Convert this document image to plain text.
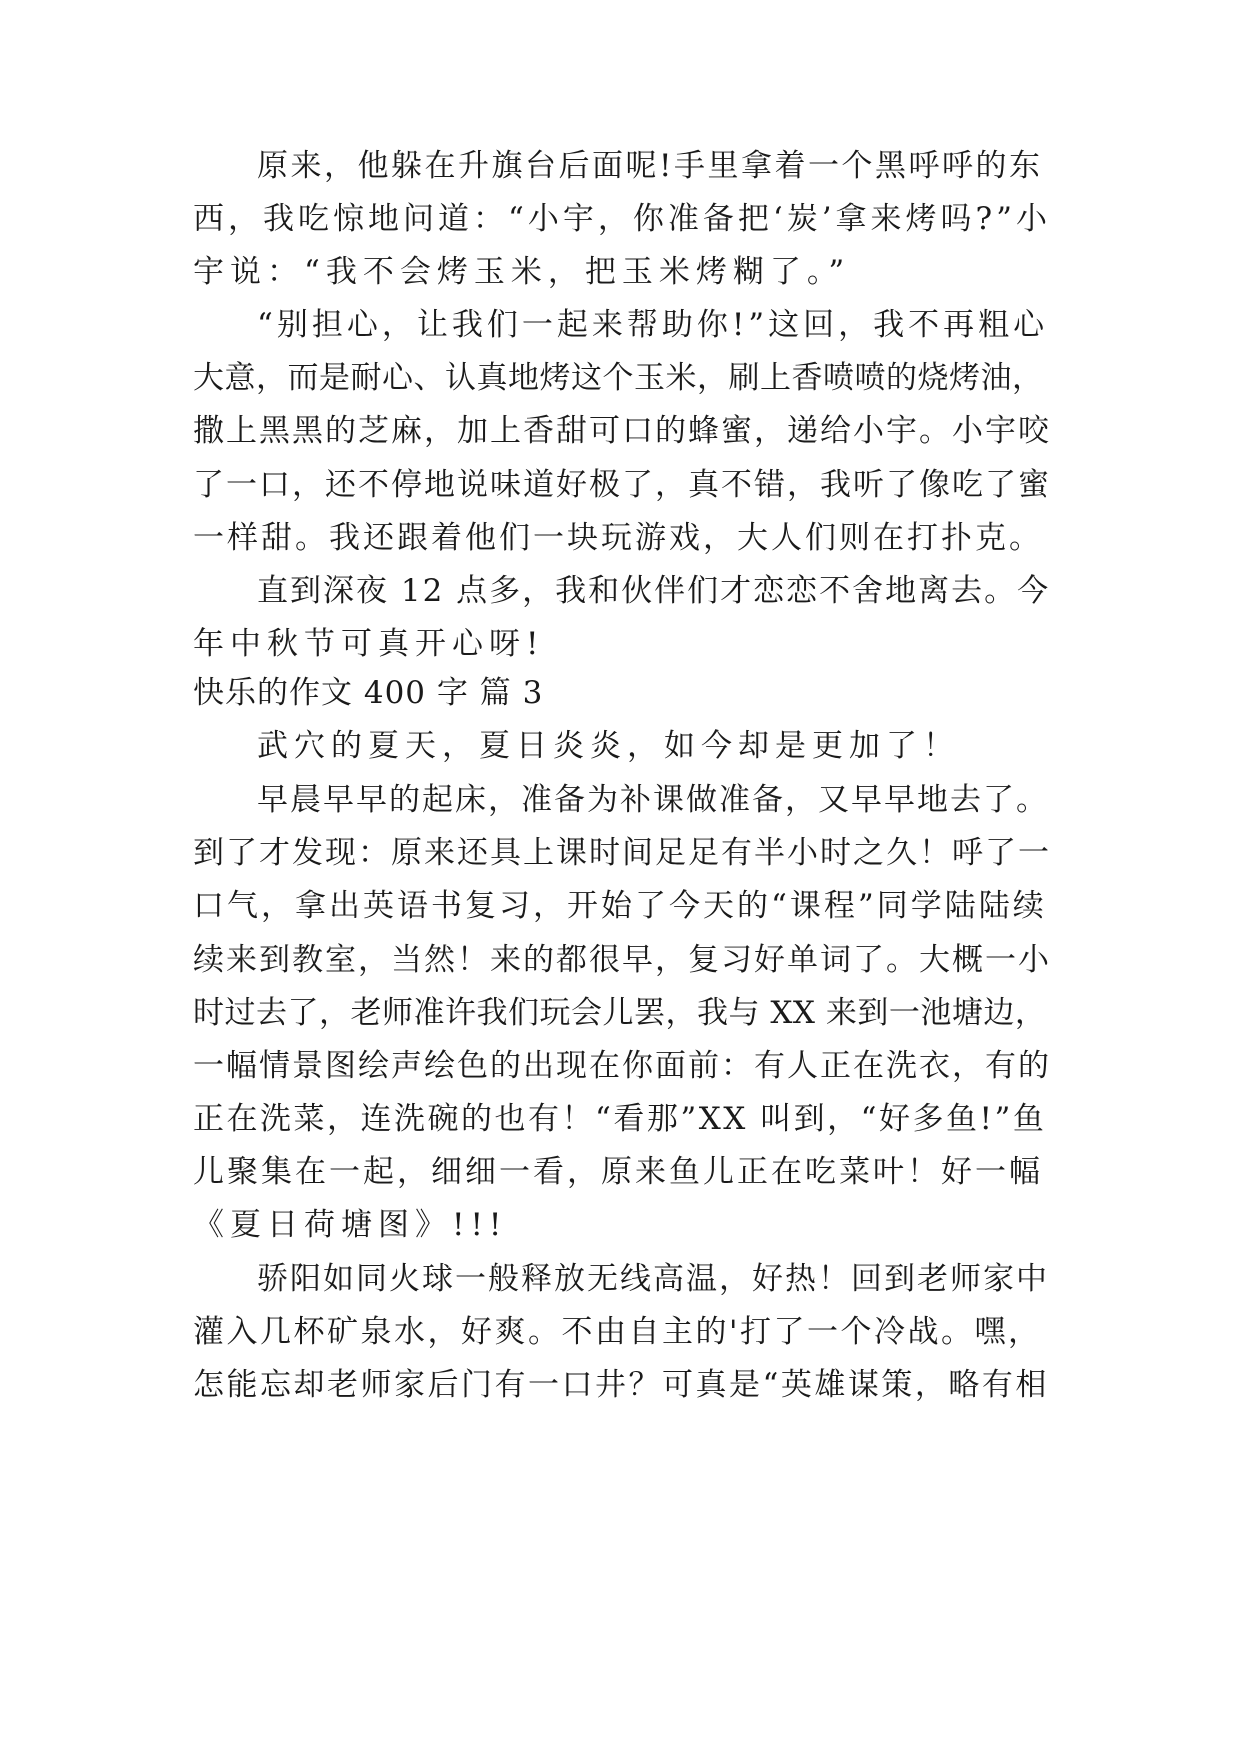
原来，他躲在升旗台后面呢!手里拿着一个黑呼呼的东
西，我吃惊地问道：“小宇，你准备把‘炭’拿来烤吗?”小
宇说：“我不会烤玉米，把玉米烤糊了。”
“别担心，让我们一起来帮助你!”这回，我不再粗心
大意，而是耐心、认真地烤这个玉米，刷上香喷喷的烧烤油，
撒上黑黑的芝麻，加上香甜可口的蜂蜜，递给小宇。小宇咬
了一口，还不停地说味道好极了，真不错，我听了像吃了蜜
一样甜。我还跟着他们一块玩游戏，大人们则在打扑克。
直到深夜 12 点多，我和伙伴们才恋恋不舍地离去。今
年中秋节可真开心呀!
快乐的作文 400 字 篇 3
武穴的夏天，夏日炎炎，如今却是更加了！
早晨早早的起床，准备为补课做准备，又早早地去了。
到了才发现：原来还具上课时间足足有半小时之久！呼了一
口气，拿出英语书复习，开始了今天的“课程”同学陆陆续
续来到教室，当然！来的都很早，复习好单词了。大概一小
时过去了，老师准许我们玩会儿罢，我与 XX 来到一池塘边，
一幅情景图绘声绘色的出现在你面前：有人正在洗衣，有的
正在洗菜，连洗碗的也有！“看那”XX 叫到，“好多鱼!”鱼
儿聚集在一起，细细一看，原来鱼儿正在吃菜叶！好一幅
《夏日荷塘图》!!!
骄阳如同火球一般释放无线高温，好热！回到老师家中
灌入几杯矿泉水，好爽。不由自主的'打了一个冷战。嘿，
怎能忘却老师家后门有一口井？可真是“英雄谋策，略有相
